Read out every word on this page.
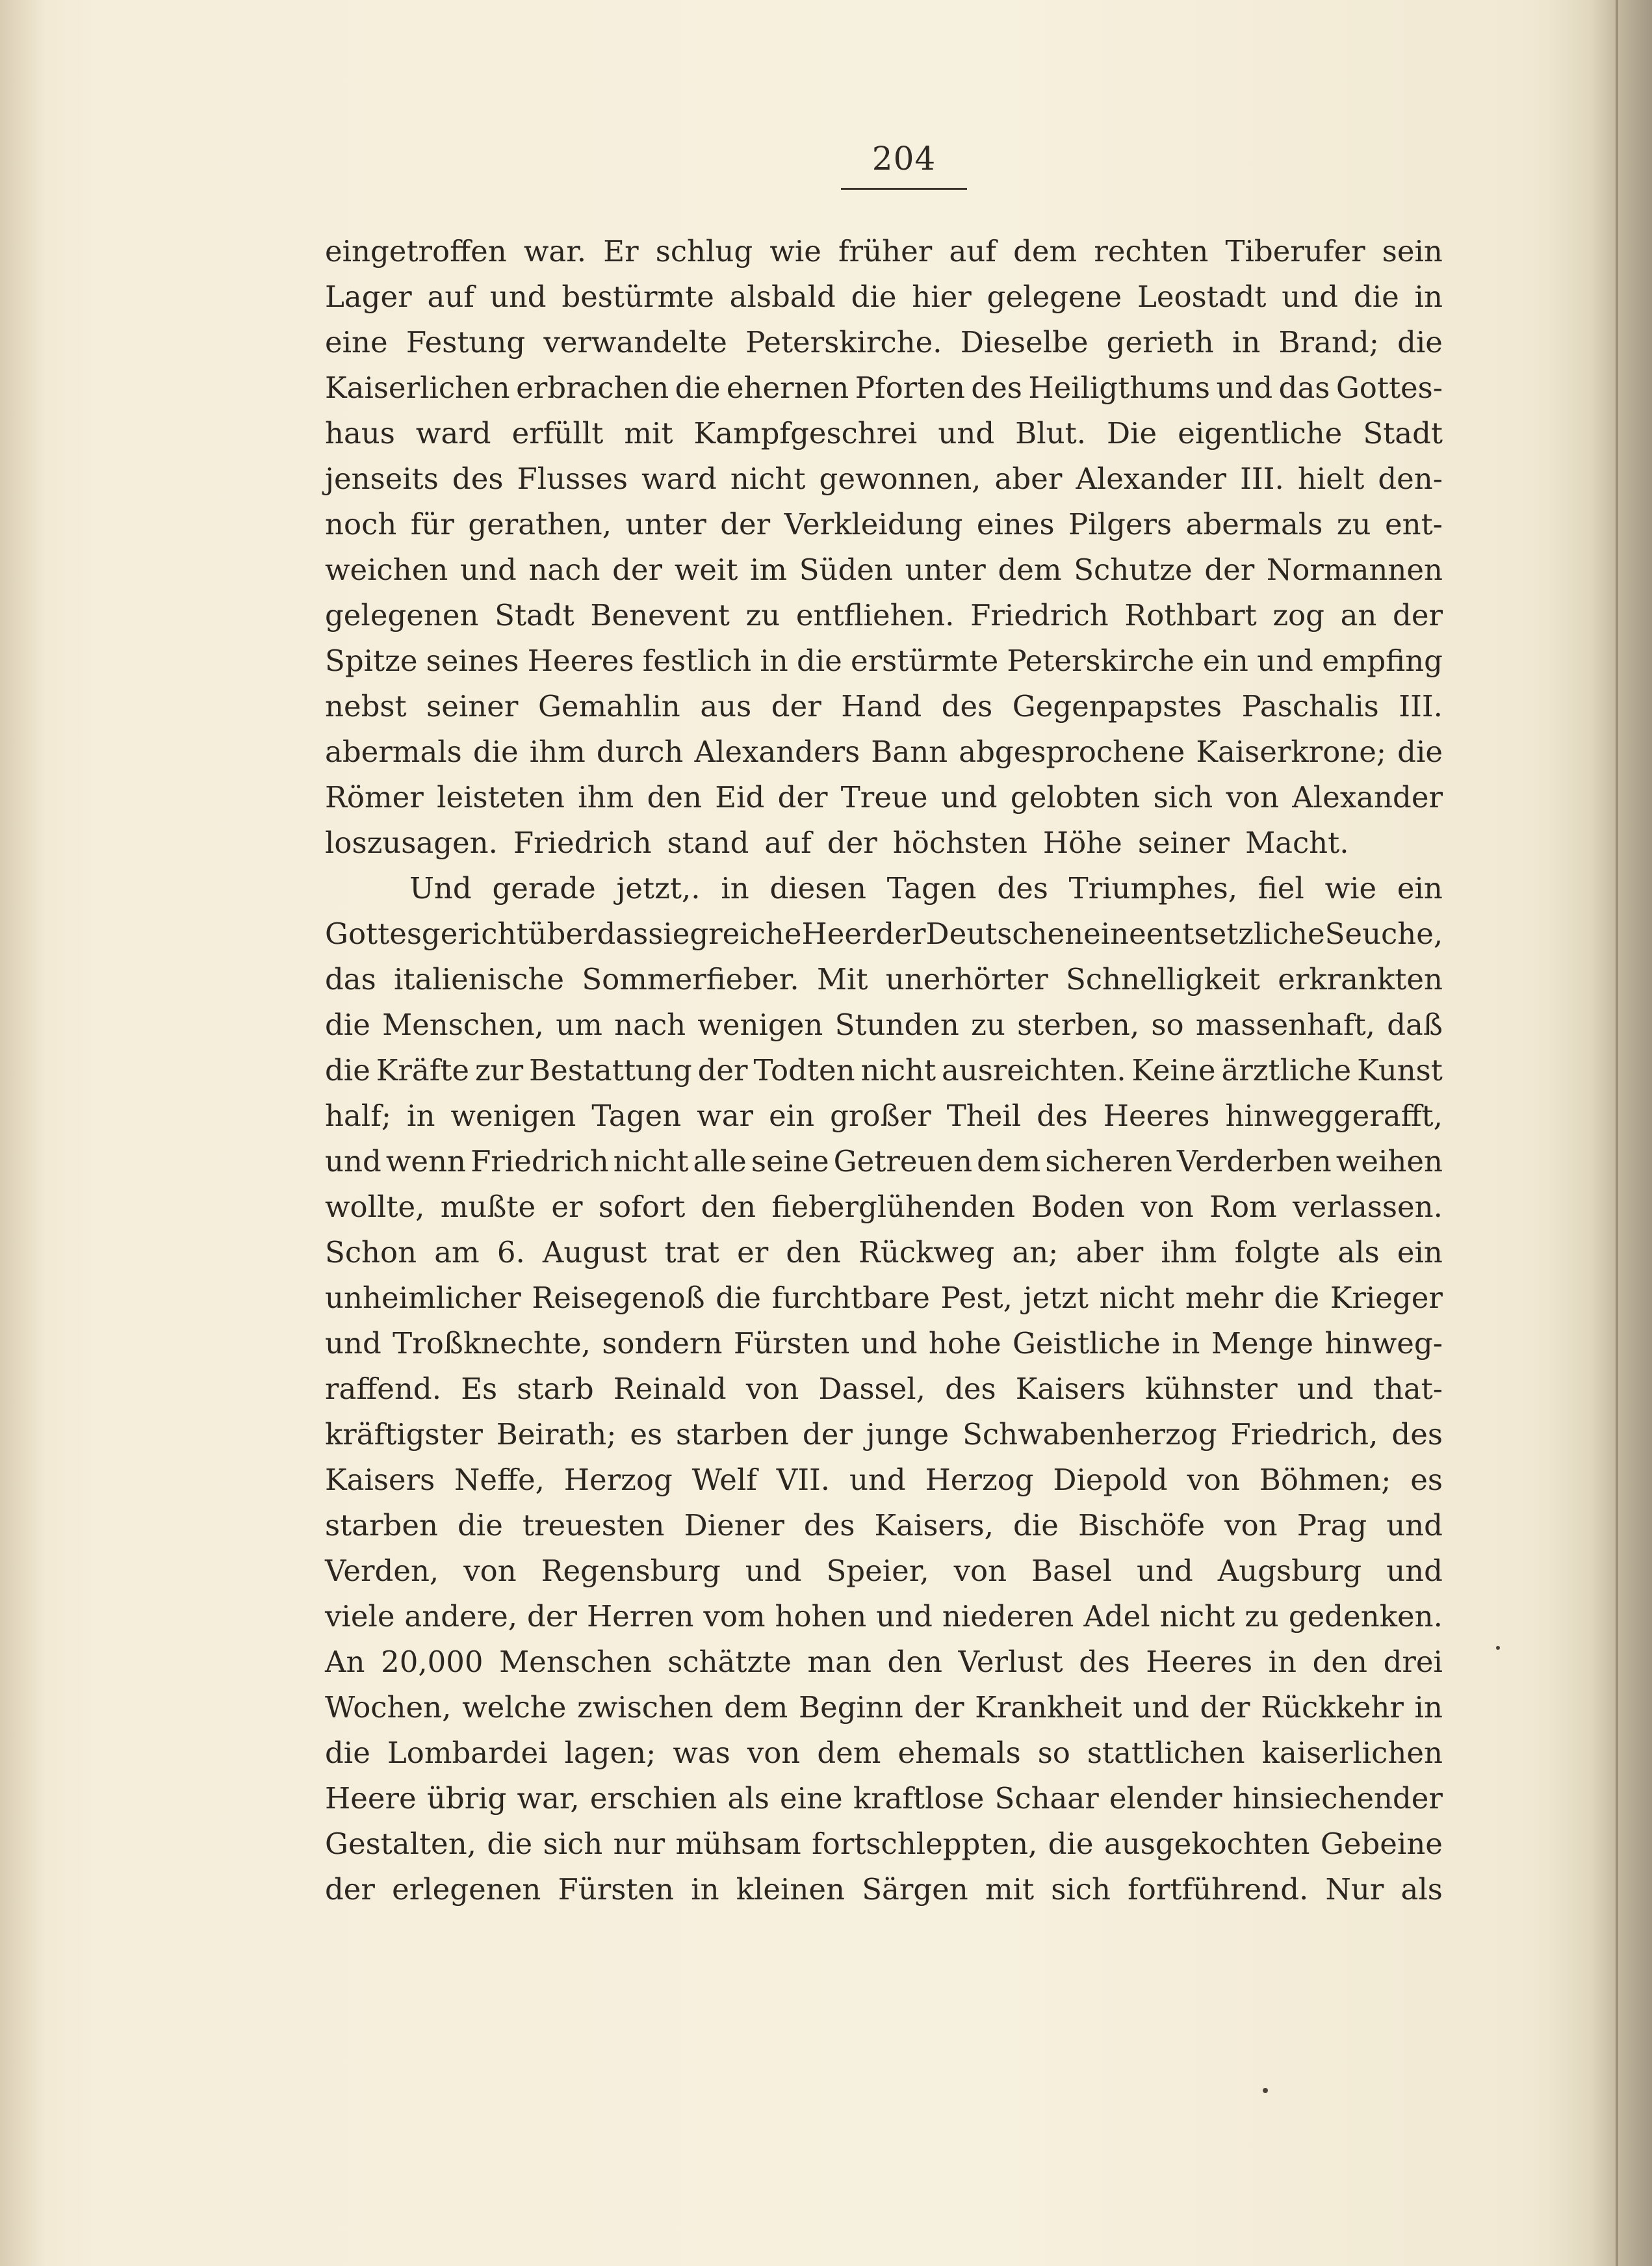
204
eingetroffen war. Er schlug wie früher auf dem rechten Tiberufer sein
Lager auf und bestürmte alsbald die hier gelegene Leostadt und die in
eine Festung verwandelte Peterskirche. Dieselbe gerieth in Brand; die
Kaiserlichen erbrachen die ehernen Pforten des Heiligthums und das Gottes-
haus ward erfüllt mit Kampfgeschrei und Blut. Die eigentliche Stadt
jenseits des Flusses ward nicht gewonnen, aber Alexander III. hielt den-
noch für gerathen, unter der Verkleidung eines Pilgers abermals zu ent-
weichen und nach der weit im Süden unter dem Schutze der Normannen
gelegenen Stadt Benevent zu entfliehen. Friedrich Rothbart zog an der
Spitze seines Heeres festlich in die erstürmte Peterskirche ein und empfing
nebst seiner Gemahlin aus der Hand des Gegenpapstes Paschalis III.
abermals die ihm durch Alexanders Bann abgesprochene Kaiserkrone; die
Römer leisteten ihm den Eid der Treue und gelobten sich von Alexander
loszusagen. Friedrich stand auf der höchsten Höhe seiner Macht.
Und gerade jetzt,. in diesen Tagen des Triumphes, fiel wie ein
Gottesgericht über das siegreiche Heer der Deutschen eine entsetzliche Seuche,
das italienische Sommerfieber. Mit unerhörter Schnelligkeit erkrankten
die Menschen, um nach wenigen Stunden zu sterben, so massenhaft, daß
die Kräfte zur Bestattung der Todten nicht ausreichten. Keine ärztliche Kunst
half; in wenigen Tagen war ein großer Theil des Heeres hinweggerafft,
und wenn Friedrich nicht alle seine Getreuen dem sicheren Verderben weihen
wollte, mußte er sofort den fieberglühenden Boden von Rom verlassen.
Schon am 6. August trat er den Rückweg an; aber ihm folgte als ein
unheimlicher Reisegenoß die furchtbare Pest, jetzt nicht mehr die Krieger
und Troßknechte, sondern Fürsten und hohe Geistliche in Menge hinweg-
raffend. Es starb Reinald von Dassel, des Kaisers kühnster und that-
kräftigster Beirath; es starben der junge Schwabenherzog Friedrich, des
Kaisers Neffe, Herzog Welf VII. und Herzog Diepold von Böhmen; es
starben die treuesten Diener des Kaisers, die Bischöfe von Prag und
Verden, von Regensburg und Speier, von Basel und Augsburg und
viele andere, der Herren vom hohen und niederen Adel nicht zu gedenken.
An 20,000 Menschen schätzte man den Verlust des Heeres in den drei
Wochen, welche zwischen dem Beginn der Krankheit und der Rückkehr in
die Lombardei lagen; was von dem ehemals so stattlichen kaiserlichen
Heere übrig war, erschien als eine kraftlose Schaar elender hinsiechender
Gestalten, die sich nur mühsam fortschleppten, die ausgekochten Gebeine
der erlegenen Fürsten in kleinen Särgen mit sich fortführend. Nur als
